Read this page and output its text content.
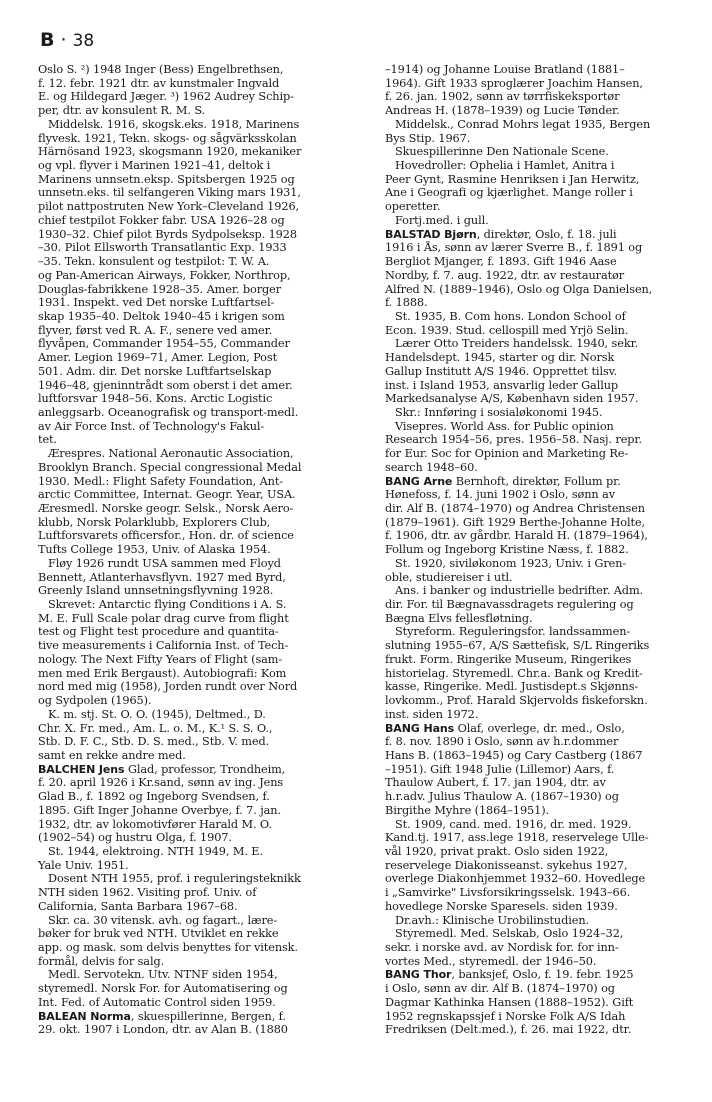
B · 38
Oslo S. ²) 1948 Inger (Bess) Engelbrethsen,
f. 12. febr. 1921 dtr. av kunstmaler Ingvald
E. og Hildegard Jæger. ³) 1962 Audrey Schip-
per, dtr. av konsulent R. M. S.
Middelsk. 1916, skogsk.eks. 1918, Marinens
flyvesk. 1921, Tekn. skogs- og sågvärksskolan
Härnösand 1923, skogsmann 1920, mekaniker
og vpl. flyver i Marinen 1921–41, deltok i
Marinens unnsetn.eksp. Spitsbergen 1925 og
unnsetn.eks. til selfangeren Viking mars 1931,
pilot nattpostruten New York–Cleveland 1926,
chief testpilot Fokker fabr. USA 1926–28 og
1930–32. Chief pilot Byrds Sydpolseksp. 1928
–30. Pilot Ellsworth Transatlantic Exp. 1933
–35. Tekn. konsulent og testpilot: T. W. A.
og Pan-American Airways, Fokker, Northrop,
Douglas-fabrikkene 1928–35. Amer. borger
1931. Inspekt. ved Det norske Luftfartsel-
skap 1935–40. Deltok 1940–45 i krigen som
flyver, først ved R. A. F., senere ved amer.
flyvåpen, Commander 1954–55, Commander
Amer. Legion 1969–71, Amer. Legion, Post
501. Adm. dir. Det norske Luftfartselskap
1946–48, gjeninntrådt som oberst i det amer.
luftforsvar 1948–56. Kons. Arctic Logistic
anleggsarb. Oceanografisk og transport-medl.
av Air Force Inst. of Technology's Fakul-
tet.
Ærespres. National Aeronautic Association,
Brooklyn Branch. Special congressional Medal
1930. Medl.: Flight Safety Foundation, Ant-
arctic Committee, Internat. Geogr. Year, USA.
Æresmedl. Norske geogr. Selsk., Norsk Aero-
klubb, Norsk Polarklubb, Explorers Club,
Luftforsvarets officersfor., Hon. dr. of science
Tufts College 1953, Univ. of Alaska 1954.
Fløy 1926 rundt USA sammen med Floyd
Bennett, Atlanterhavsflyvn. 1927 med Byrd,
Greenly Island unnsetningsflyvning 1928.
Skrevet: Antarctic flying Conditions i A. S.
M. E. Full Scale polar drag curve from flight
test og Flight test procedure and quantita-
tive measurements i California Inst. of Tech-
nology. The Next Fifty Years of Flight (sam-
men med Erik Bergaust). Autobiografi: Kom
nord med mig (1958), Jorden rundt over Nord
og Sydpolen (1965).
K. m. stj. St. O. O. (1945), Deltmed., D.
Chr. X. Fr. med., Am. L. o. M., K.¹ S. S. O.,
Stb. D. F. C., Stb. D. S. med., Stb. V. med.
samt en rekke andre med.
BALCHEN Jens Glad, professor, Trondheim,
f. 20. april 1926 i Kr.sand, sønn av ing. Jens
Glad B., f. 1892 og Ingeborg Svendsen, f.
1895. Gift Inger Johanne Overbye, f. 7. jan.
1932, dtr. av lokomotivfører Harald M. O.
(1902–54) og hustru Olga, f. 1907.
St. 1944, elektroing. NTH 1949, M. E.
Yale Univ. 1951.
Dosent NTH 1955, prof. i reguleringsteknikk
NTH siden 1962. Visiting prof. Univ. of
California, Santa Barbara 1967–68.
Skr. ca. 30 vitensk. avh. og fagart., lære-
bøker for bruk ved NTH. Utviklet en rekke
app. og mask. som delvis benyttes for vitensk.
formål, delvis for salg.
Medl. Servotekn. Utv. NTNF siden 1954,
styremedl. Norsk For. for Automatisering og
Int. Fed. of Automatic Control siden 1959.
BALEAN Norma, skuespillerinne, Bergen, f.
29. okt. 1907 i London, dtr. av Alan B. (1880
–1914) og Johanne Louise Bratland (1881–
1964). Gift 1933 sproglærer Joachim Hansen,
f. 26. jan. 1902, sønn av tørrfiskeksportør
Andreas H. (1878–1939) og Lucie Tønder.
Middelsk., Conrad Mohrs legat 1935, Bergen
Bys Stip. 1967.
Skuespillerinne Den Nationale Scene.
Hovedroller: Ophelia i Hamlet, Anitra i
Peer Gynt, Rasmine Henriksen i Jan Herwitz,
Ane i Geografi og kjærlighet. Mange roller i
operetter.
Fortj.med. i gull.
BALSTAD Bjørn, direktør, Oslo, f. 18. juli
1916 i Ås, sønn av lærer Sverre B., f. 1891 og
Bergliot Mjanger, f. 1893. Gift 1946 Aase
Nordby, f. 7. aug. 1922, dtr. av restauratør
Alfred N. (1889–1946), Oslo og Olga Danielsen,
f. 1888.
St. 1935, B. Com hons. London School of
Econ. 1939. Stud. cellospill med Yrjö Selin.
Lærer Otto Treiders handelssk. 1940, sekr.
Handelsdept. 1945, starter og dir. Norsk
Gallup Institutt A/S 1946. Opprettet tilsv.
inst. i Island 1953, ansvarlig leder Gallup
Markedsanalyse A/S, København siden 1957.
Skr.: Innføring i sosialøkonomi 1945.
Visepres. World Ass. for Public opinion
Research 1954–56, pres. 1956–58. Nasj. repr.
for Eur. Soc for Opinion and Marketing Re-
search 1948–60.
BANG Arne Bernhoft, direktør, Follum pr.
Hønefoss, f. 14. juni 1902 i Oslo, sønn av
dir. Alf B. (1874–1970) og Andrea Christensen
(1879–1961). Gift 1929 Berthe-Johanne Holte,
f. 1906, dtr. av gårdbr. Harald H. (1879–1964),
Follum og Ingeborg Kristine Næss, f. 1882.
St. 1920, siviløkonom 1923, Univ. i Gren-
oble, studiereiser i utl.
Ans. i banker og industrielle bedrifter. Adm.
dir. For. til Bægnavassdragets regulering og
Bægna Elvs fellesfløtning.
Styreform. Reguleringsfor. landssammen-
slutning 1955–67, A/S Sættefisk, S/L Ringeriks
frukt. Form. Ringerike Museum, Ringerikes
historielag. Styremedl. Chr.a. Bank og Kredit-
kasse, Ringerike. Medl. Justisdept.s Skjønns-
lovkomm., Prof. Harald Skjervolds fiskeforskn.
inst. siden 1972.
BANG Hans Olaf, overlege, dr. med., Oslo,
f. 8. nov. 1890 i Oslo, sønn av h.r.dommer
Hans B. (1863–1945) og Cary Castberg (1867
–1951). Gift 1948 Julie (Lillemor) Aars, f.
Thaulow Aubert, f. 17. jan 1904, dtr. av
h.r.adv. Julius Thaulow A. (1867–1930) og
Birgithe Myhre (1864–1951).
St. 1909, cand. med. 1916, dr. med. 1929.
Kand.tj. 1917, ass.lege 1918, reservelege Ulle-
vål 1920, privat prakt. Oslo siden 1922,
reservelege Diakonisseanst. sykehus 1927,
overlege Diakonhjemmet 1932–60. Hovedlege
i „Samvirke" Livsforsikringsselsk. 1943–66.
hovedlege Norske Sparesels. siden 1939.
Dr.avh.: Klinische Urobilinstudien.
Styremedl. Med. Selskab, Oslo 1924–32,
sekr. i norske avd. av Nordisk for. for inn-
vortes Med., styremedl. der 1946–50.
BANG Thor, banksjef, Oslo, f. 19. febr. 1925
i Oslo, sønn av dir. Alf B. (1874–1970) og
Dagmar Kathinka Hansen (1888–1952). Gift
1952 regnskapssjef i Norske Folk A/S Idah
Fredriksen (Delt.med.), f. 26. mai 1922, dtr.
